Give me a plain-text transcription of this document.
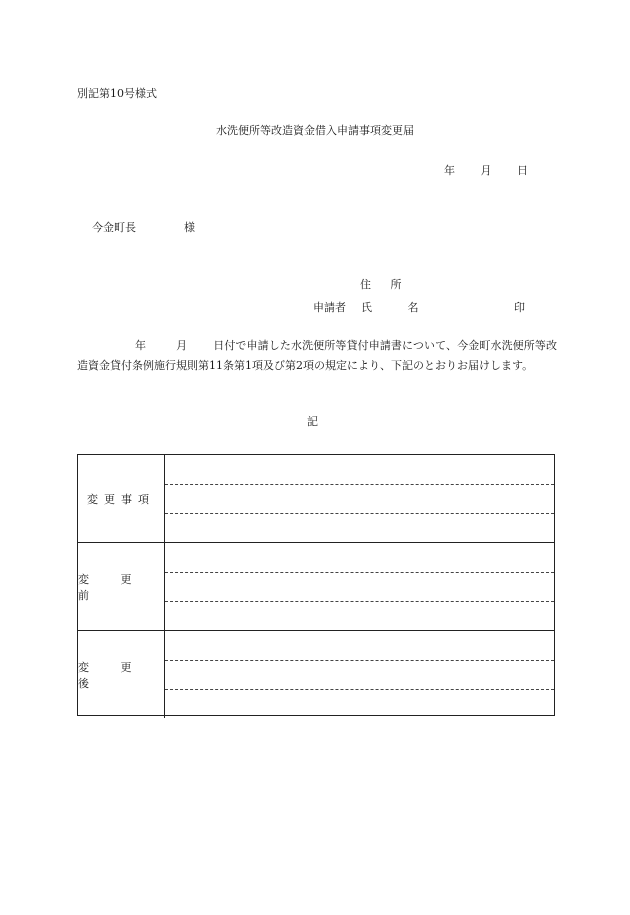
別記第10号様式
水洗便所等改造資金借入申請事項変更届
年 月 日
今金町長	様
住 所
申請者 氏 名	印
年	月 日付で申請した水洗便所等貸付申請書について、今金町水洗便所等改造資金貸付条例施行規則第11条第1項及び第2項の規定により、下記のとおりお届けします。
記
変更事項
変 更 前
変 更 後
